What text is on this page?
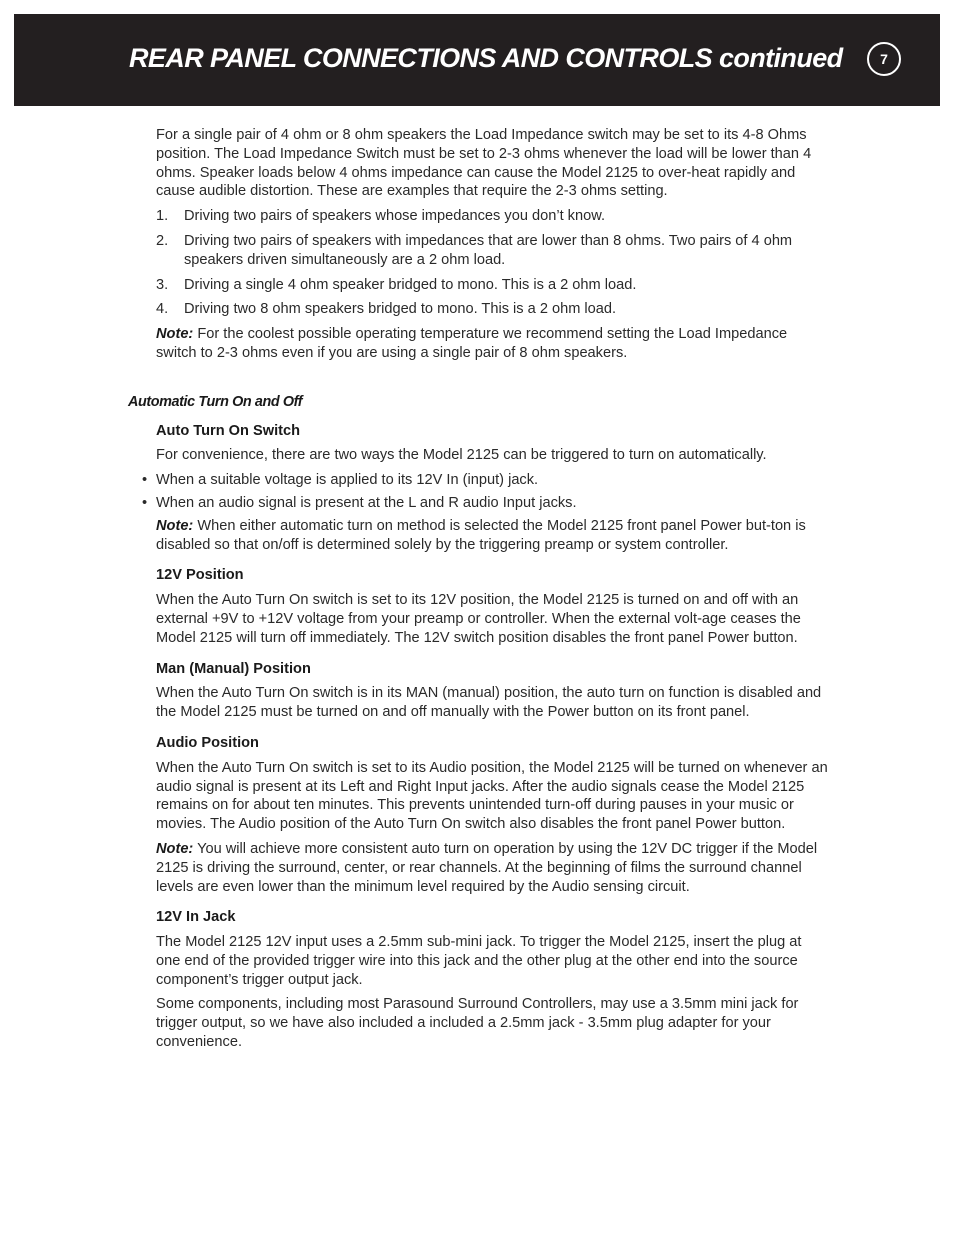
REAR PANEL CONNECTIONS AND CONTROLS continued	7

For a single pair of 4 ohm or 8 ohm speakers the Load Impedance switch may be set to its 4-8 Ohms position. The Load Impedance Switch must be set to 2-3 ohms whenever the load will be lower than 4 ohms. Speaker loads below 4 ohms impedance can cause the Model 2125 to over-heat rapidly and cause audible distortion. These are examples that require the 2-3 ohms setting.

1.	Driving two pairs of speakers whose impedances you don’t know.
2.	Driving two pairs of speakers with impedances that are lower than 8 ohms. Two pairs of 4 ohm speakers driven simultaneously are a 2 ohm load.
3.	Driving a single 4 ohm speaker bridged to mono. This is a 2 ohm load.
4.	Driving two 8 ohm speakers bridged to mono. This is a 2 ohm load.

Note: For the coolest possible operating temperature we recommend setting the Load Impedance switch to 2-3 ohms even if you are using a single pair of 8 ohm speakers.

Automatic Turn On and Off
Auto Turn On Switch

For convenience, there are two ways the Model 2125 can be triggered to turn on automatically.

• When a suitable voltage is applied to its 12V In (input) jack.
• When an audio signal is present at the L and R audio Input jacks.

Note: When either automatic turn on method is selected the Model 2125 front panel Power but-ton is disabled so that on/off is determined solely by the triggering preamp or system controller.

12V Position

When the Auto Turn On switch is set to its 12V position, the Model 2125 is turned on and off with an external +9V to +12V voltage from your preamp or controller. When the external volt-age ceases the Model 2125 will turn off immediately. The 12V switch position disables the front panel Power button.

Man (Manual) Position

When the Auto Turn On switch is in its MAN (manual) position, the auto turn on function is disabled and the Model 2125 must be turned on and off manually with the Power button on its front panel.

Audio Position

When the Auto Turn On switch is set to its Audio position, the Model 2125 will be turned on whenever an audio signal is present at its Left and Right Input jacks. After the audio signals cease the Model 2125 remains on for about ten minutes. This prevents unintended turn-off during pauses in your music or movies. The Audio position of the Auto Turn On switch also disables the front panel Power button.

Note: You will achieve more consistent auto turn on operation by using the 12V DC trigger if the Model 2125 is driving the surround, center, or rear channels. At the beginning of films the surround channel levels are even lower than the minimum level required by the Audio sensing circuit.

12V In Jack

The Model 2125 12V input uses a 2.5mm sub-mini jack. To trigger the Model 2125, insert the plug at one end of the provided trigger wire into this jack and the other plug at the other end into the source component’s trigger output jack.

Some components, including most Parasound Surround Controllers, may use a 3.5mm mini jack for trigger output, so we have also included a included a 2.5mm jack - 3.5mm plug adapter for your convenience.
